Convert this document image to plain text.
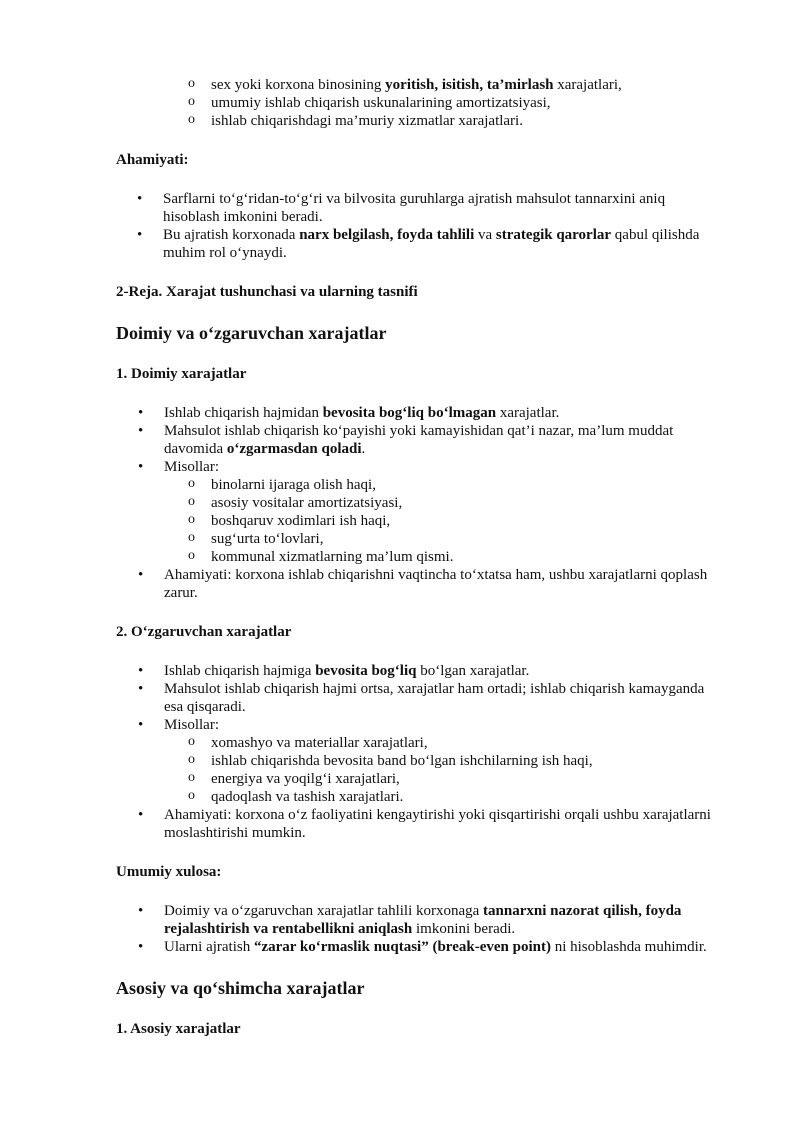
o sex yoki korxona binosining yoritish, isitish, ta’mirlash xarajatlari,
o umumiy ishlab chiqarish uskunalarining amortizatsiyasi,
o ishlab chiqarishdagi ma’muriy xizmatlar xarajatlari.

Ahamiyati:

• Sarflarni to‘g‘ridan-to‘g‘ri va bilvosita guruhlarga ajratish mahsulot tannarxini aniq hisoblash imkonini beradi.
• Bu ajratish korxonada narx belgilash, foyda tahlili va strategik qarorlar qabul qilishda muhim rol o‘ynaydi.

2-Reja. Xarajat tushunchasi va ularning tasnifi

Doimiy va o‘zgaruvchan xarajatlar

1. Doimiy xarajatlar

• Ishlab chiqarish hajmidan bevosita bog‘liq bo‘lmagan xarajatlar.
• Mahsulot ishlab chiqarish ko‘payishi yoki kamayishidan qat’i nazar, ma’lum muddat davomida o‘zgarmasdan qoladi.
• Misollar:
o binolarni ijaraga olish haqi,
o asosiy vositalar amortizatsiyasi,
o boshqaruv xodimlari ish haqi,
o sug‘urta to‘lovlari,
o kommunal xizmatlarning ma’lum qismi.
• Ahamiyati: korxona ishlab chiqarishni vaqtincha to‘xtatsa ham, ushbu xarajatlarni qoplash zarur.

2. O‘zgaruvchan xarajatlar

• Ishlab chiqarish hajmiga bevosita bog‘liq bo‘lgan xarajatlar.
• Mahsulot ishlab chiqarish hajmi ortsa, xarajatlar ham ortadi; ishlab chiqarish kamayganda esa qisqaradi.
• Misollar:
o xomashyo va materiallar xarajatlari,
o ishlab chiqarishda bevosita band bo‘lgan ishchilarning ish haqi,
o energiya va yoqilg‘i xarajatlari,
o qadoqlash va tashish xarajatlari.
• Ahamiyati: korxona o‘z faoliyatini kengaytirishi yoki qisqartirishi orqali ushbu xarajatlarni moslashtirishi mumkin.

Umumiy xulosa:

• Doimiy va o‘zgaruvchan xarajatlar tahlili korxonaga tannarxni nazorat qilish, foyda rejalashtirish va rentabellikni aniqlash imkonini beradi.
• Ularni ajratish “zarar ko‘rmaslik nuqtasi” (break-even point) ni hisoblashda muhimdir.

Asosiy va qo‘shimcha xarajatlar

1. Asosiy xarajatlar
